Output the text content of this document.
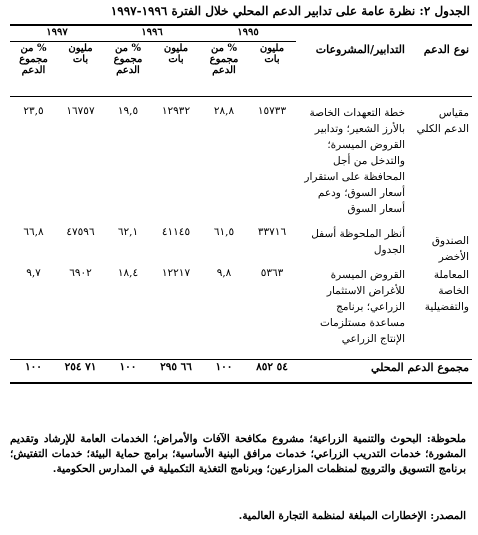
الجدول ٢: نظرة عامة على تدابير الدعم المحلي خلال الفترة ١٩٩٦-١٩٩٧
		١٩٩٥		١٩٩٦		١٩٩٧	
نوع الدعم	التدابير/المشروعات	مليون بات	% من مجموع الدعم	مليون بات	% من مجموع الدعم	مليون بات	% من مجموع الدعم
مقياس الدعم الكلي	خطة التعهدات الخاصة بالأرز الشعير؛ وتدابير القروض الميسرة؛ والتدخل من أجل المحافظة على استقرار أسعار السوق؛ ودعم أسعار السوق	١٥٧٣٣	٢٨,٨	١٢٩٣٢	١٩,٥	١٦٧٥٧	٢٣,٥
الصندوق الأخضر	أنظر الملحوظة أسفل الجدول	٣٣٧١٦	٦١,٥	٤١١٤٥	٦٢,١	٤٧٥٩٦	٦٦,٨
المعاملة الخاصة والتفضيلية	القروض الميسرة للأغراض الاستثمار الزراعي؛ برنامج مساعدة مستلزمات الإنتاج الزراعي	٥٣٦٣	٩,٨	١٢٢١٧	١٨,٤	٦٩٠٢	٩,٧
مجموع الدعم المحلي		٥٤ ٨٥٢	١٠٠	٦٦ ٢٩٥	١٠٠	٧١ ٢٥٤	١٠٠
ملحوظة: البحوث والتنمية الزراعية؛ مشروع مكافحة الآفات والأمراض؛ الخدمات العامة للإرشاد وتقديم المشورة؛ خدمات التدريب الزراعي؛ خدمات مرافق البنية الأساسية؛ برامج حماية البيئة؛ خدمات التفتيش؛ برنامج التسويق والترويج لمنظمات المزارعين؛ وبرنامج التغذية التكميلية في المدارس الحكومية.
المصدر: الإخطارات المبلغة لمنظمة التجارة العالمية.
